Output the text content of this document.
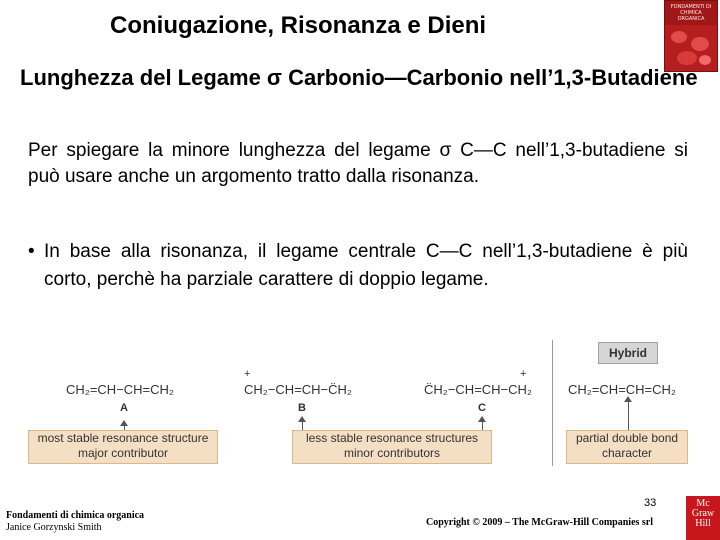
Coniugazione, Risonanza e Dieni
FONDAMENTI DI CHIMICA ORGANICA
Lunghezza del Legame σ Carbonio—Carbonio nell’1,3-Butadiene
Per spiegare la minore lunghezza del legame σ C—C nell’1,3-butadiene si può usare anche un argomento tratto dalla risonanza.
• In base alla risonanza, il legame centrale C—C nell’1,3-butadiene è più corto, perchè ha parziale carattere di doppio legame.
CH₂=CH−CH=CH₂
A
+
CH₂−CH=CH−C̈H₂
B
C̈H₂−CH=CH−CH₂
+
C
CH₂=CH=CH=CH₂
Hybrid
most stable resonance structure
major contributor
less stable resonance structures
minor contributors
partial double bond
character
Fondamenti di chimica organica
Janice Gorzynski Smith
33
Copyright © 2009 – The McGraw-Hill Companies srl
Mc
Graw
Hill
